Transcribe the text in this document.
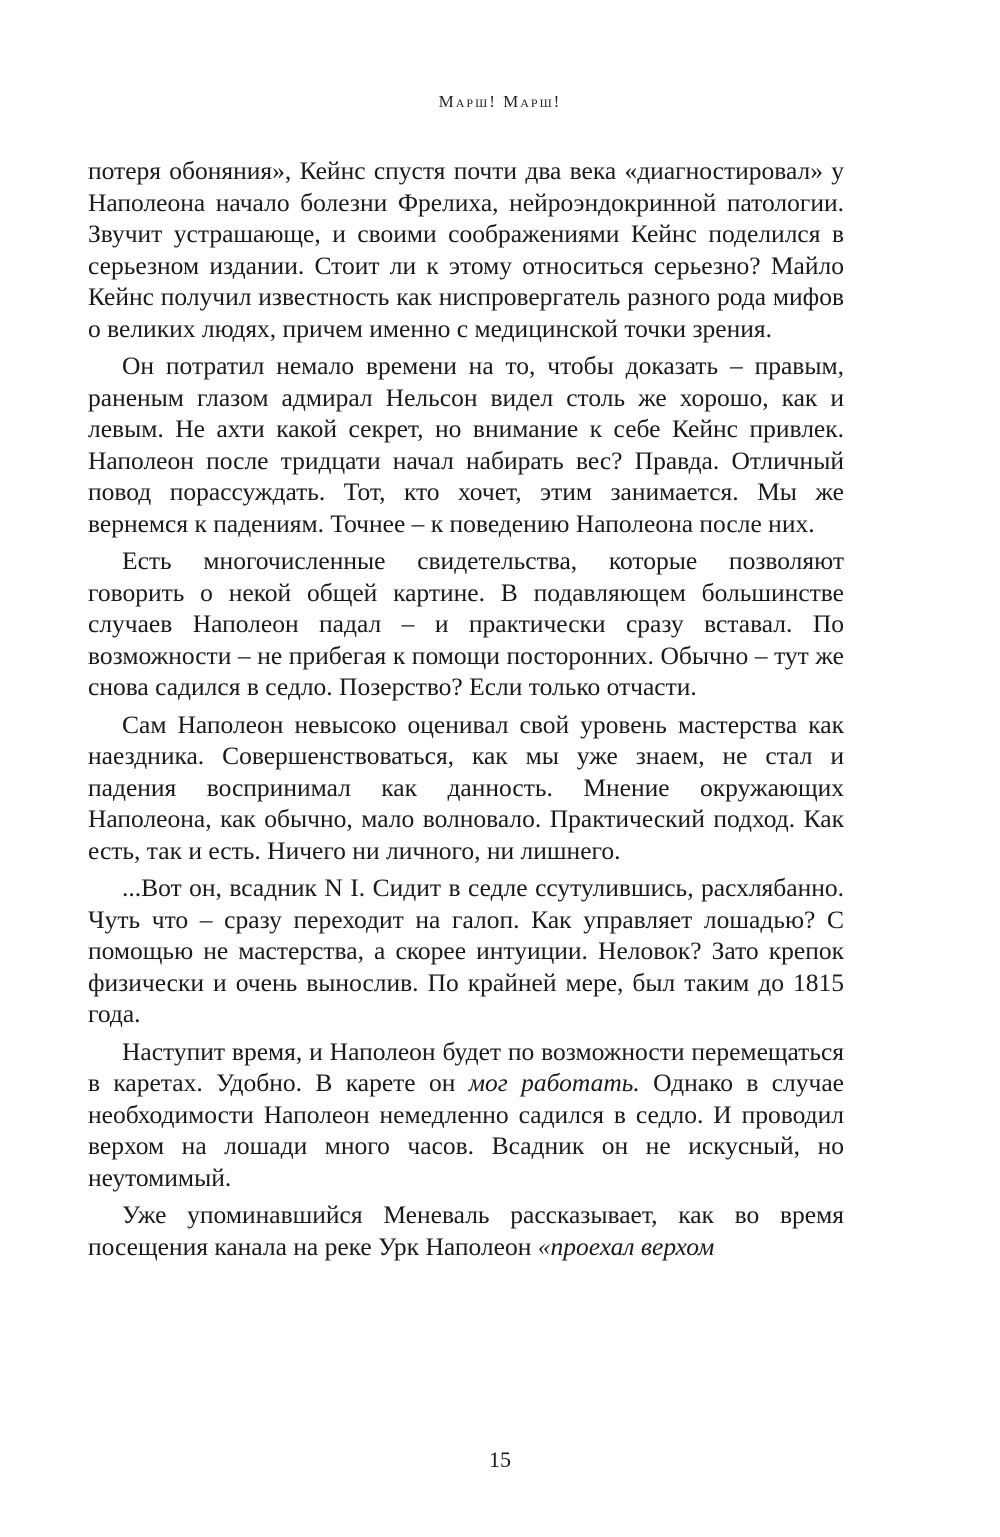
Марш! Марш!

потеря обоняния», Кейнс спустя почти два века «диагностировал» у Наполеона начало болезни Фрелиха, нейроэндокринной патологии. Звучит устрашающе, и своими соображениями Кейнс поделился в серьезном издании. Стоит ли к этому относиться серьезно? Майло Кейнс получил известность как ниспровергатель разного рода мифов о великих людях, причем именно с медицинской точки зрения.

Он потратил немало времени на то, чтобы доказать – правым, раненым глазом адмирал Нельсон видел столь же хорошо, как и левым. Не ахти какой секрет, но внимание к себе Кейнс привлек. Наполеон после тридцати начал набирать вес? Правда. Отличный повод порассуждать. Тот, кто хочет, этим занимается. Мы же вернемся к падениям. Точнее – к поведению Наполеона после них.

Есть многочисленные свидетельства, которые позволяют говорить о некой общей картине. В подавляющем большинстве случаев Наполеон падал – и практически сразу вставал. По возможности – не прибегая к помощи посторонних. Обычно – тут же снова садился в седло. Позерство? Если только отчасти.

Сам Наполеон невысоко оценивал свой уровень мастерства как наездника. Совершенствоваться, как мы уже знаем, не стал и падения воспринимал как данность. Мнение окружающих Наполеона, как обычно, мало волновало. Практический подход. Как есть, так и есть. Ничего ни личного, ни лишнего.

...Вот он, всадник N I. Сидит в седле ссутулившись, расхлябанно. Чуть что – сразу переходит на галоп. Как управляет лошадью? С помощью не мастерства, а скорее интуиции. Неловок? Зато крепок физически и очень вынослив. По крайней мере, был таким до 1815 года.

Наступит время, и Наполеон будет по возможности перемещаться в каретах. Удобно. В карете он мог работать. Однако в случае необходимости Наполеон немедленно садился в седло. И проводил верхом на лошади много часов. Всадник он не искусный, но неутомимый.

Уже упоминавшийся Меневаль рассказывает, как во время посещения канала на реке Урк Наполеон «проехал верхом

15
